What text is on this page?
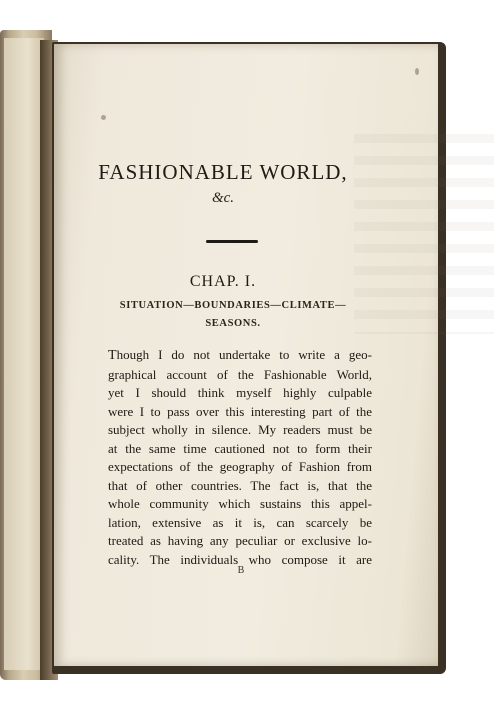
FASHIONABLE WORLD,
&c.
CHAP. I.
SITUATION—BOUNDARIES—CLIMATE—
SEASONS.
Though I do not undertake to write a geo-
graphical account of the Fashionable World,
yet I should think myself highly culpable
were I to pass over this interesting part of the
subject wholly in silence. My readers must be
at the same time cautioned not to form their
expectations of the geography of Fashion from
that of other countries. The fact is, that the
whole community which sustains this appel-
lation, extensive as it is, can scarcely be
treated as having any peculiar or exclusive lo-
cality. The individuals who compose it are
B
